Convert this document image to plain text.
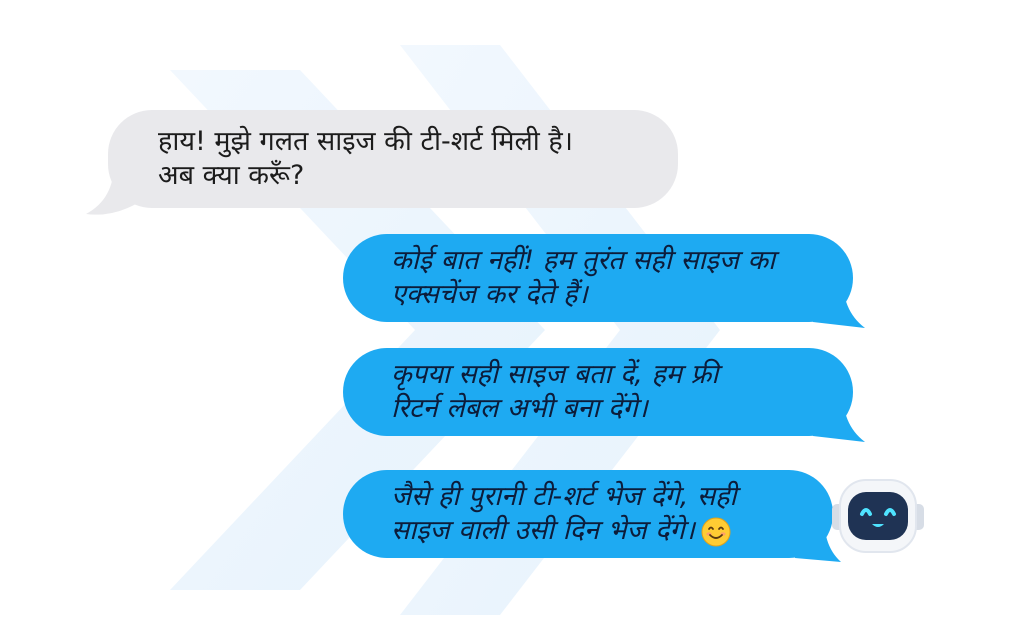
हाय! मुझे गलत साइज की टी-शर्ट मिली है।
अब क्या करूँ?
कोई बात नहीं! हम तुरंत सही साइज का
एक्सचेंज कर देते हैं।
कृपया सही साइज बता दें, हम फ्री
रिटर्न लेबल अभी बना देंगे।
जैसे ही पुरानी टी-शर्ट भेज देंगे, सही
साइज वाली उसी दिन भेज देंगे।
